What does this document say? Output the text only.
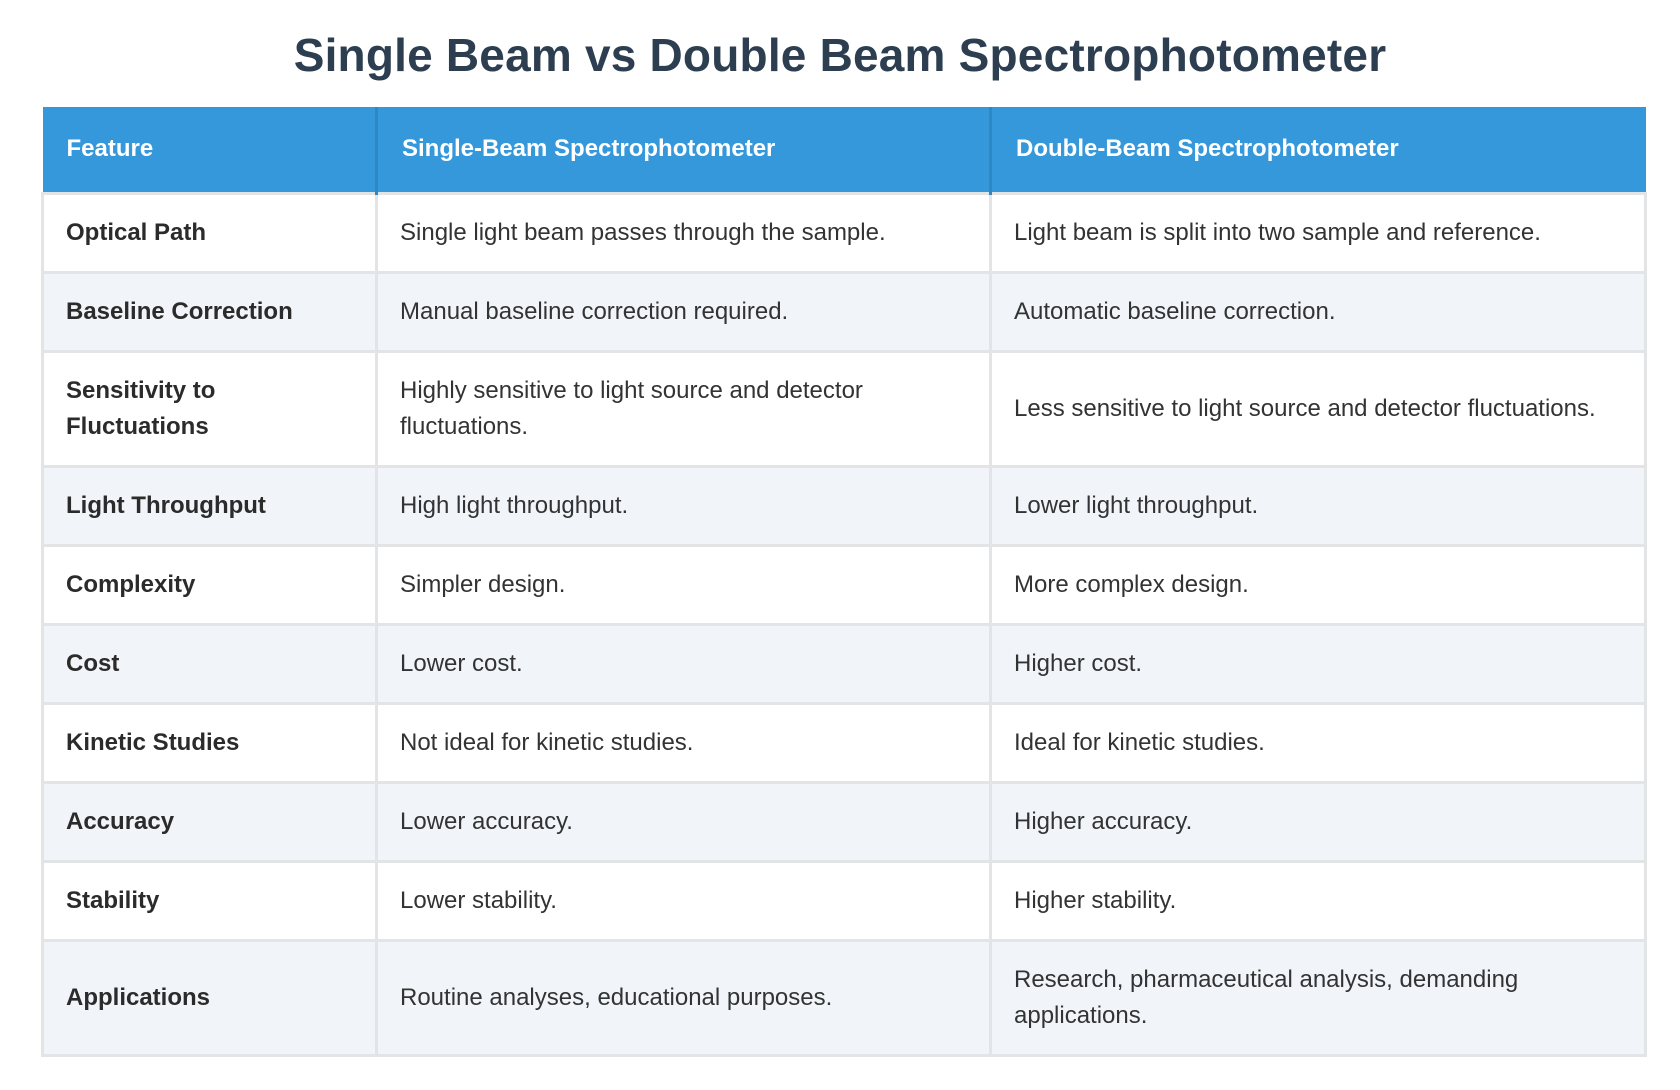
Single Beam vs Double Beam Spectrophotometer
Feature	Single-Beam Spectrophotometer	Double-Beam Spectrophotometer
Optical Path	Single light beam passes through the sample.	Light beam is split into two sample and reference.
Baseline Correction	Manual baseline correction required.	Automatic baseline correction.
Sensitivity to Fluctuations	Highly sensitive to light source and detector fluctuations.	Less sensitive to light source and detector fluctuations.
Light Throughput	High light throughput.	Lower light throughput.
Complexity	Simpler design.	More complex design.
Cost	Lower cost.	Higher cost.
Kinetic Studies	Not ideal for kinetic studies.	Ideal for kinetic studies.
Accuracy	Lower accuracy.	Higher accuracy.
Stability	Lower stability.	Higher stability.
Applications	Routine analyses, educational purposes.	Research, pharmaceutical analysis, demanding applications.
